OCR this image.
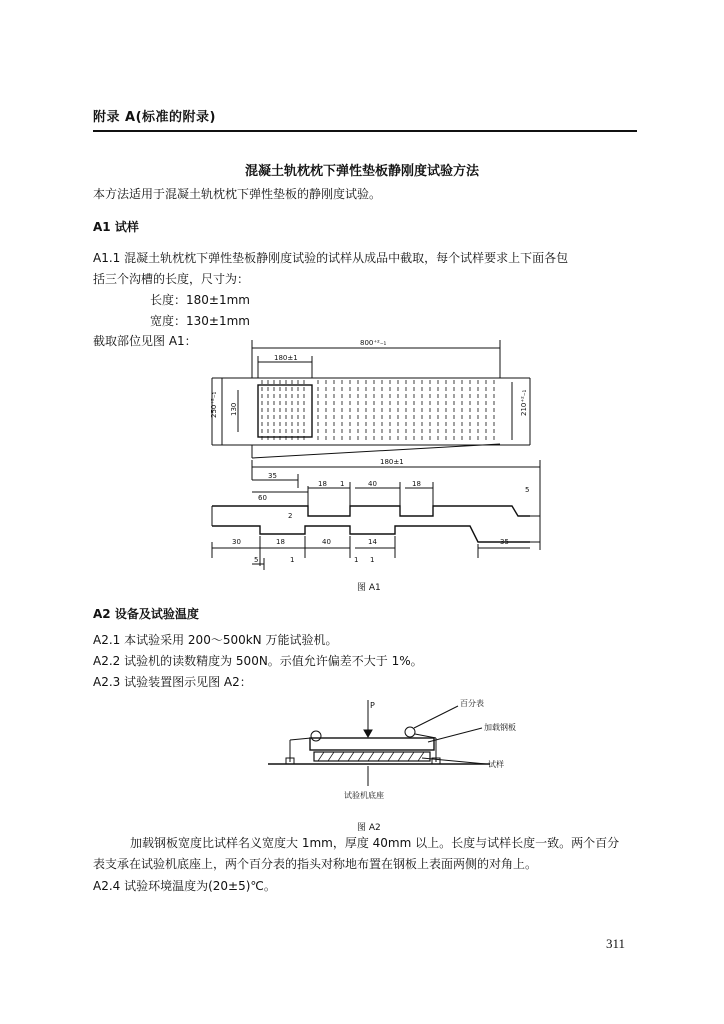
附录 A(标准的附录)
混凝土轨枕枕下弹性垫板静刚度试验方法
本方法适用于混凝土轨枕枕下弹性垫板的静刚度试验。
A1 试样
A1.1 混凝土轨枕枕下弹性垫板静刚度试验的试样从成品中截取，每个试样要求上下面各包
括三个沟槽的长度，尺寸为：
长度：180±1mm
宽度：130±1mm
截取部位见图 A1：	800⁺²₋₁
180±1
250⁺²₋₁ 130	210⁺²₋₁
180±1
35
60
18 1	40	18
5
2
30	18	40	14	35
5	1	1 1
图 A1
A2 设备及试验温度
A2.1 本试验采用 200～500kN 万能试验机。
A2.2 试验机的读数精度为 500N。示值允许偏差不大于 1%。
A2.3 试验装置图示见图 A2：
P	百分表
加载钢板
试样
试验机底座
图 A2
加载钢板宽度比试样名义宽度大 1mm，厚度 40mm 以上。长度与试样长度一致。两个百分
表支承在试验机底座上，两个百分表的指头对称地布置在钢板上表面两侧的对角上。
A2.4 试验环境温度为(20±5)℃。
311
